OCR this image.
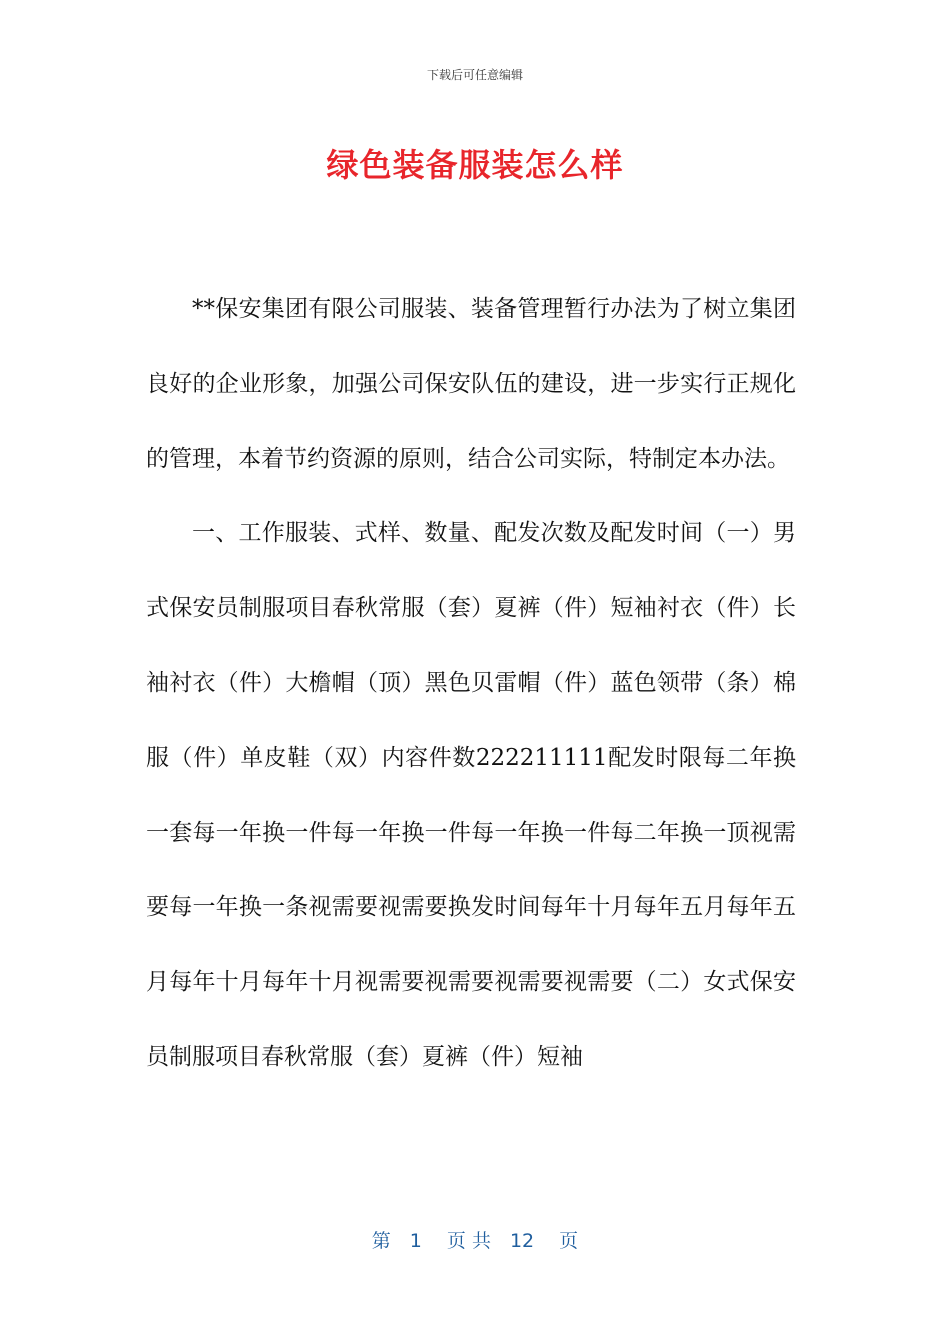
下载后可任意编辑
绿色装备服装怎么样

**保安集团有限公司服装、装备管理暂行办法为了树立集团良好的企业形象，加强公司保安队伍的建设，进一步实行正规化的管理，本着节约资源的原则，结合公司实际，特制定本办法。

一、工作服装、式样、数量、配发次数及配发时间（一）男式保安员制服项目春秋常服（套）夏裤（件）短袖衬衣（件）长袖衬衣（件）大檐帽（顶）黑色贝雷帽（件）蓝色领带（条）棉服（件）单皮鞋（双）内容件数222211111配发时限每二年换一套每一年换一件每一年换一件每一年换一件每二年换一顶视需要每一年换一条视需要视需要换发时间每年十月每年五月每年五月每年十月每年十月视需要视需要视需要视需要（二）女式保安员制服项目春秋常服（套）夏裤（件）短袖

第　1　 页 共　12　 页
